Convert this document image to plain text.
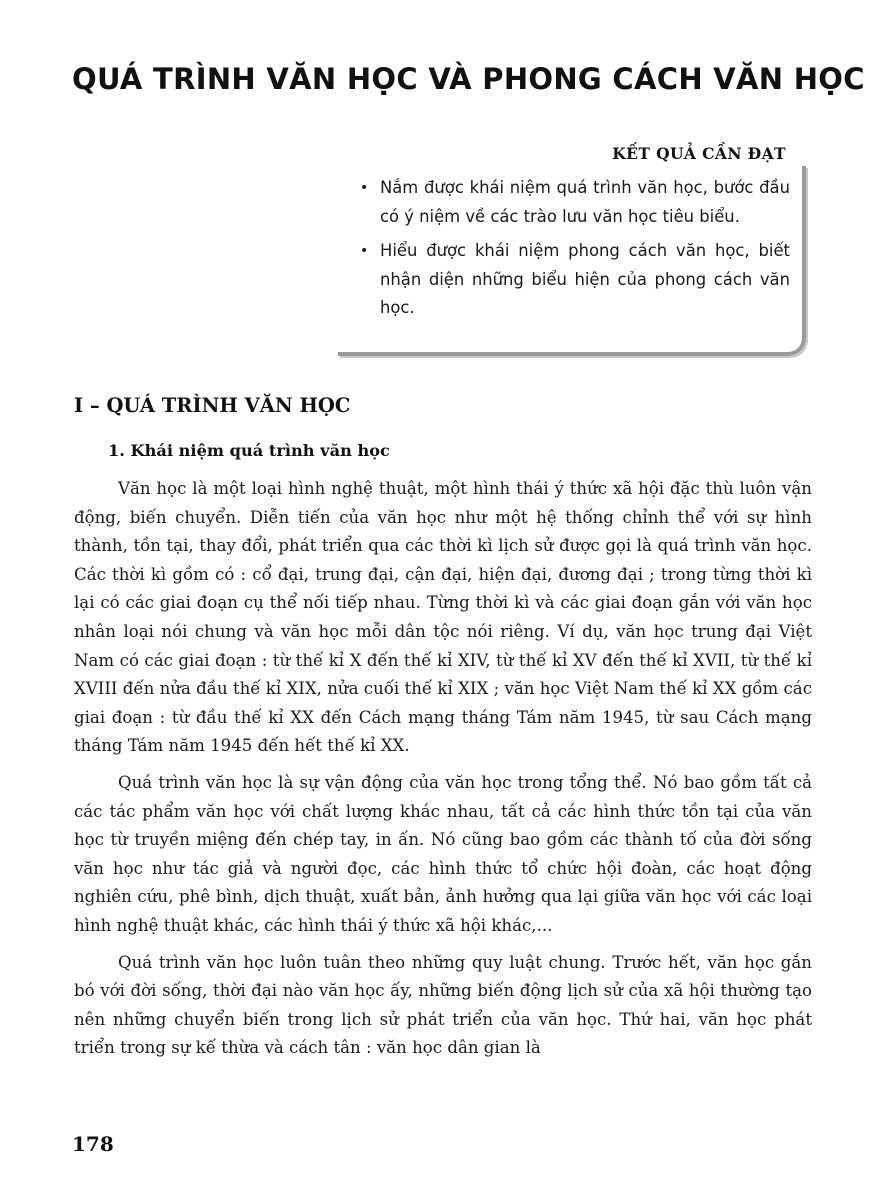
QUÁ TRÌNH VĂN HỌC VÀ PHONG CÁCH VĂN HỌC
KẾT QUẢ CẦN ĐẠT
• Nắm được khái niệm quá trình văn học, bước đầu có ý niệm về các trào lưu văn học tiêu biểu.
• Hiểu được khái niệm phong cách văn học, biết nhận diện những biểu hiện của phong cách văn học.
I – QUÁ TRÌNH VĂN HỌC
1. Khái niệm quá trình văn học

Văn học là một loại hình nghệ thuật, một hình thái ý thức xã hội đặc thù luôn vận động, biến chuyển. Diễn tiến của văn học như một hệ thống chỉnh thể với sự hình thành, tồn tại, thay đổi, phát triển qua các thời kì lịch sử được gọi là quá trình văn học. Các thời kì gồm có : cổ đại, trung đại, cận đại, hiện đại, đương đại ; trong từng thời kì lại có các giai đoạn cụ thể nối tiếp nhau. Từng thời kì và các giai đoạn gắn với văn học nhân loại nói chung và văn học mỗi dân tộc nói riêng. Ví dụ, văn học trung đại Việt Nam có các giai đoạn : từ thế kỉ X đến thế kỉ XIV, từ thế kỉ XV đến thế kỉ XVII, từ thế kỉ XVIII đến nửa đầu thế kỉ XIX, nửa cuối thế kỉ XIX ; văn học Việt Nam thế kỉ XX gồm các giai đoạn : từ đầu thế kỉ XX đến Cách mạng tháng Tám năm 1945, từ sau Cách mạng tháng Tám năm 1945 đến hết thế kỉ XX.

Quá trình văn học là sự vận động của văn học trong tổng thể. Nó bao gồm tất cả các tác phẩm văn học với chất lượng khác nhau, tất cả các hình thức tồn tại của văn học từ truyền miệng đến chép tay, in ấn. Nó cũng bao gồm các thành tố của đời sống văn học như tác giả và người đọc, các hình thức tổ chức hội đoàn, các hoạt động nghiên cứu, phê bình, dịch thuật, xuất bản, ảnh hưởng qua lại giữa văn học với các loại hình nghệ thuật khác, các hình thái ý thức xã hội khác,...

Quá trình văn học luôn tuân theo những quy luật chung. Trước hết, văn học gắn bó với đời sống, thời đại nào văn học ấy, những biến động lịch sử của xã hội thường tạo nên những chuyển biến trong lịch sử phát triển của văn học. Thứ hai, văn học phát triển trong sự kế thừa và cách tân : văn học dân gian là

178
